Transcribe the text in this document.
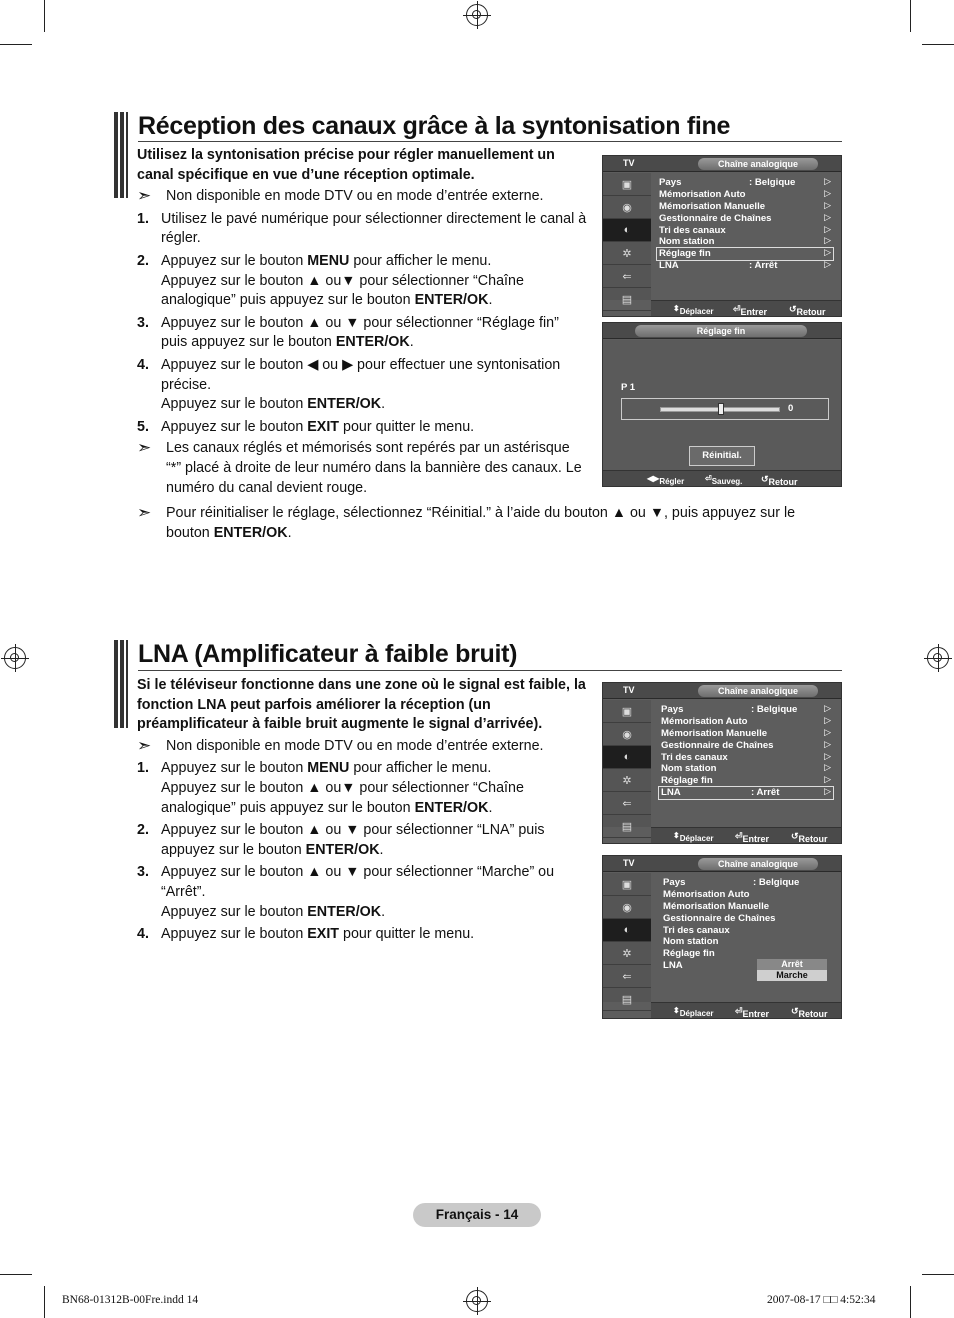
Réception des canaux grâce à la syntonisation fine
Utilisez la syntonisation précise pour régler manuellement un canal spécifique en vue d’une réception optimale.
➣ Non disponible en mode DTV ou en mode d’entrée externe.
1. Utilisez le pavé numérique pour sélectionner directement le canal à régler.
2. Appuyez sur le bouton MENU pour afficher le menu.
Appuyez sur le bouton ▲ ou▼ pour sélectionner “Chaîne analogique” puis appuyez sur le bouton ENTER/OK.
3. Appuyez sur le bouton ▲ ou ▼ pour sélectionner “Réglage fin” puis appuyez sur le bouton ENTER/OK.
4. Appuyez sur le bouton ◀ ou ▶ pour effectuer une syntonisation précise.
Appuyez sur le bouton ENTER/OK.
5. Appuyez sur le bouton EXIT pour quitter le menu.
➣ Les canaux réglés et mémorisés sont repérés par un astérisque “*” placé à droite de leur numéro dans la bannière des canaux. Le numéro du canal devient rouge.
➣ Pour réinitialiser le réglage, sélectionnez “Réinitial.” à l’aide du bouton ▲ ou ▼, puis appuyez sur le bouton ENTER/OK.
TV	Chaîne analogique
▣
◉
◐
✲
⇐
▤
Pays	: Belgique	▷
Mémorisation Auto	▷
Mémorisation Manuelle	▷
Gestionnaire de Chaînes	▷
Tri des canaux	▷
Nom station	▷
Réglage fin	▷
LNA	: Arrêt	▷
⬍ Déplacer ⏎ Entrer ↺ Retour
Réglage fin
P 1
0
Réinitial.
◀▶ Régler	⏎ Sauveg. ↺ Retour
LNA (Amplificateur à faible bruit)
Si le téléviseur fonctionne dans une zone où le signal est faible, la fonction LNA peut parfois améliorer la réception (un préamplificateur à faible bruit augmente le signal d’arrivée).
➣ Non disponible en mode DTV ou en mode d’entrée externe.
1. Appuyez sur le bouton MENU pour afficher le menu.
Appuyez sur le bouton ▲ ou▼ pour sélectionner “Chaîne analogique” puis appuyez sur le bouton ENTER/OK.
2. Appuyez sur le bouton ▲ ou ▼ pour sélectionner “LNA” puis appuyez sur le bouton ENTER/OK.
3. Appuyez sur le bouton ▲ ou ▼ pour sélectionner “Marche” ou “Arrêt”.
Appuyez sur le bouton ENTER/OK.
4. Appuyez sur le bouton EXIT pour quitter le menu.
TV	Chaîne analogique
▣
◉
◐
✲
⇐
▤
Pays	: Belgique	▷
Mémorisation Auto	▷
Mémorisation Manuelle	▷
Gestionnaire de Chaînes	▷
Tri des canaux	▷
Nom station	▷
Réglage fin	▷
LNA	: Arrêt	▷
⬍ Déplacer ⏎ Entrer ↺ Retour
TV	Chaîne analogique
▣
◉
◐
✲
⇐
▤
Pays	: Belgique
Mémorisation Auto
Mémorisation Manuelle
Gestionnaire de Chaînes
Tri des canaux
Nom station
Réglage fin
LNA	Arrêt
Marche
⬍ Déplacer ⏎ Entrer ↺ Retour
Français - 14
BN68-01312B-00Fre.indd 14	2007-08-17 □□ 4:52:34
